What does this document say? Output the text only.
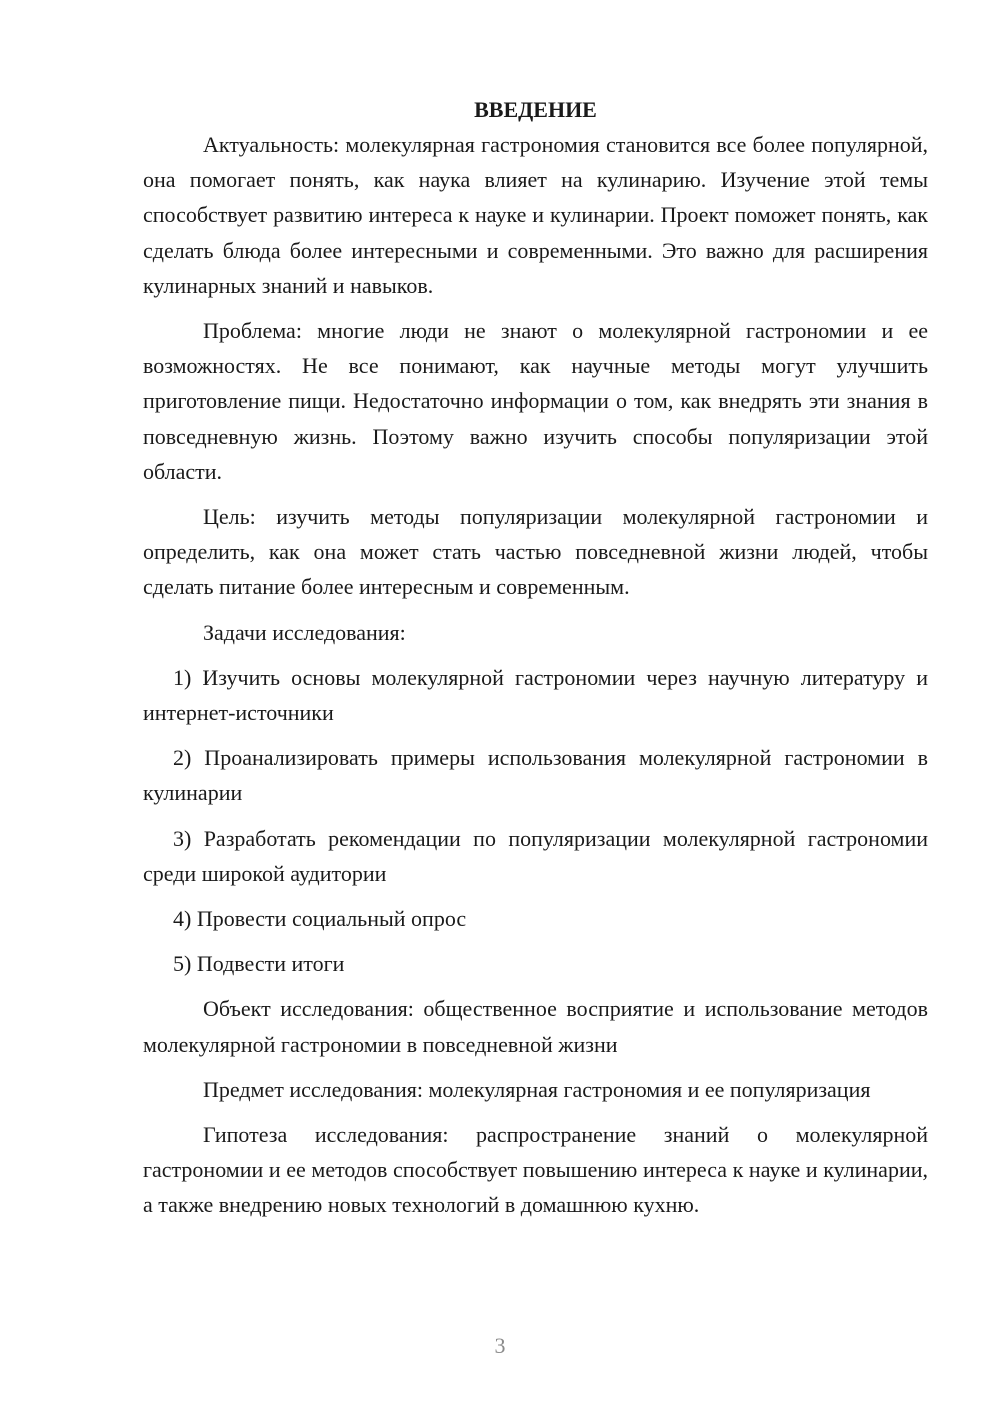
ВВЕДЕНИЕ

Актуальность: молекулярная гастрономия становится все более популярной, она помогает понять, как наука влияет на кулинарию. Изучение этой темы способствует развитию интереса к науке и кулинарии. Проект поможет понять, как сделать блюда более интересными и современными. Это важно для расширения кулинарных знаний и навыков.

Проблема: многие люди не знают о молекулярной гастрономии и ее возможностях. Не все понимают, как научные методы могут улучшить приготовление пищи. Недостаточно информации о том, как внедрять эти знания в повседневную жизнь. Поэтому важно изучить способы популяризации этой области.

Цель: изучить методы популяризации молекулярной гастрономии и определить, как она может стать частью повседневной жизни людей, чтобы сделать питание более интересным и современным.

Задачи исследования:

1) Изучить основы молекулярной гастрономии через научную литературу и интернет-источники

2) Проанализировать примеры использования молекулярной гастрономии в кулинарии

3) Разработать рекомендации по популяризации молекулярной гастрономии среди широкой аудитории

4) Провести социальный опрос

5) Подвести итоги

Объект исследования: общественное восприятие и использование методов молекулярной гастрономии в повседневной жизни

Предмет исследования: молекулярная гастрономия и ее популяризация

Гипотеза исследования: распространение знаний о молекулярной гастрономии и ее методов способствует повышению интереса к науке и кулинарии, а также внедрению новых технологий в домашнюю кухню.

3
